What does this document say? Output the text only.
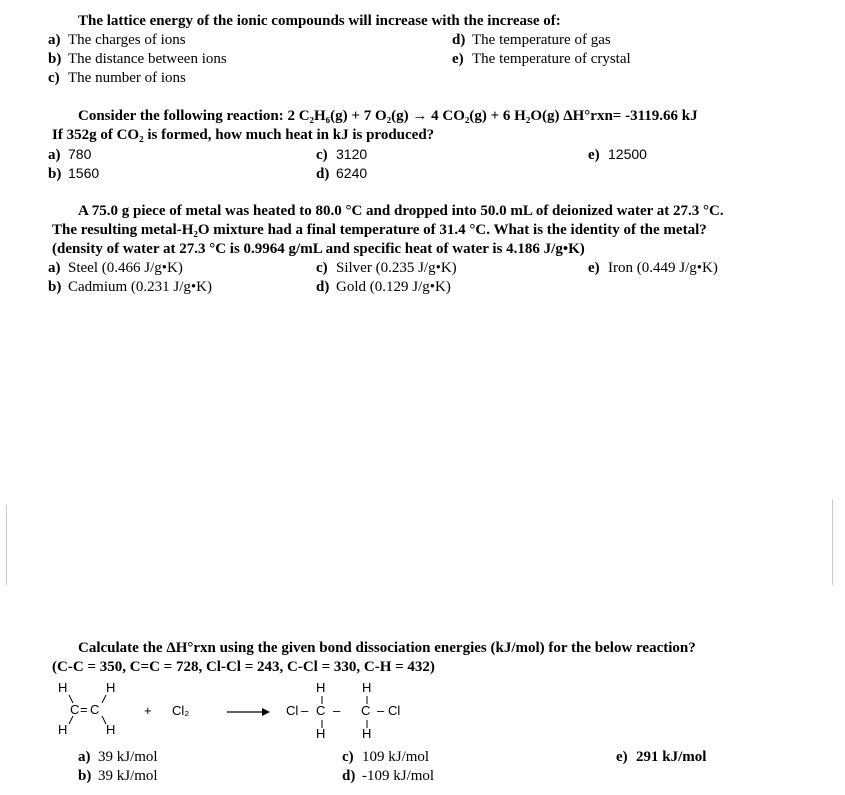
The lattice energy of the ionic compounds will increase with the increase of:
a) The charges of ions
b) The distance between ions
c) The number of ions
d) The temperature of gas
e) The temperature of crystal
Consider the following reaction: 2 C₂H₆(g) + 7 O₂(g) → 4 CO₂(g) + 6 H₂O(g) ΔH°rxn= -3119.66 kJ
If 352g of CO₂ is formed, how much heat in kJ is produced?
a) 780
b) 1560
c) 3120
d) 6240
e) 12500
A 75.0 g piece of metal was heated to 80.0 °C and dropped into 50.0 mL of deionized water at 27.3 °C.
The resulting metal-H₂O mixture had a final temperature of 31.4 °C. What is the identity of the metal?
(density of water at 27.3 °C is 0.9964 g/mL and specific heat of water is 4.186 J/g•K)
a) Steel (0.466 J/g•K)
b) Cadmium (0.231 J/g•K)
c) Silver (0.235 J/g•K)
d) Gold (0.129 J/g•K)
e) Iron (0.449 J/g•K)
Calculate the ΔH°rxn using the given bond dissociation energies (kJ/mol) for the below reaction?
(C-C = 350, C=C = 728, Cl-Cl = 243, C-Cl = 330, C-H = 432)
H	H
C = C
H	H
+ Cl₂
H	H
Cl – C – C – Cl
H	H
a) 39 kJ/mol
b) 39 kJ/mol
c) 109 kJ/mol
d) -109 kJ/mol
e) 291 kJ/mol
